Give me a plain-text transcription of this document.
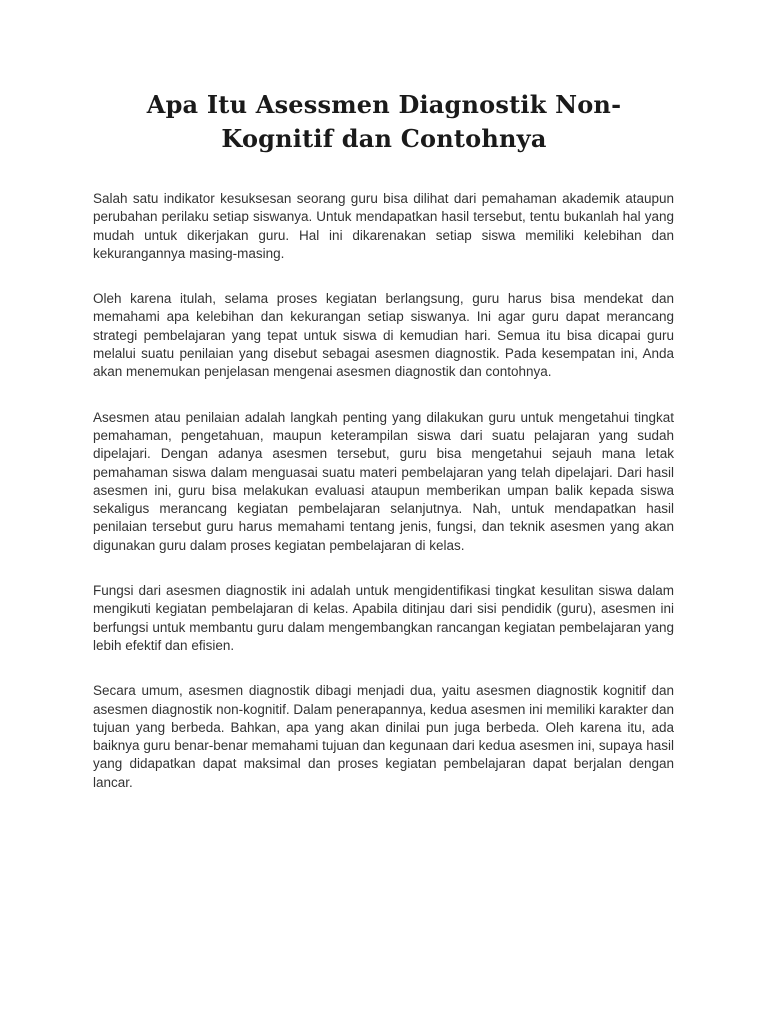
Apa Itu Asessmen Diagnostik Non-Kognitif dan Contohnya

Salah satu indikator kesuksesan seorang guru bisa dilihat dari pemahaman akademik ataupun perubahan perilaku setiap siswanya. Untuk mendapatkan hasil tersebut, tentu bukanlah hal yang mudah untuk dikerjakan guru. Hal ini dikarenakan setiap siswa memiliki kelebihan dan kekurangannya masing-masing.

Oleh karena itulah, selama proses kegiatan berlangsung, guru harus bisa mendekat dan memahami apa kelebihan dan kekurangan setiap siswanya. Ini agar guru dapat merancang strategi pembelajaran yang tepat untuk siswa di kemudian hari. Semua itu bisa dicapai guru melalui suatu penilaian yang disebut sebagai asesmen diagnostik. Pada kesempatan ini, Anda akan menemukan penjelasan mengenai asesmen diagnostik dan contohnya.

Asesmen atau penilaian adalah langkah penting yang dilakukan guru untuk mengetahui tingkat pemahaman, pengetahuan, maupun keterampilan siswa dari suatu pelajaran yang sudah dipelajari. Dengan adanya asesmen tersebut, guru bisa mengetahui sejauh mana letak pemahaman siswa dalam menguasai suatu materi pembelajaran yang telah dipelajari. Dari hasil asesmen ini, guru bisa melakukan evaluasi ataupun memberikan umpan balik kepada siswa sekaligus merancang kegiatan pembelajaran selanjutnya. Nah, untuk mendapatkan hasil penilaian tersebut guru harus memahami tentang jenis, fungsi, dan teknik asesmen yang akan digunakan guru dalam proses kegiatan pembelajaran di kelas.

Fungsi dari asesmen diagnostik ini adalah untuk mengidentifikasi tingkat kesulitan siswa dalam mengikuti kegiatan pembelajaran di kelas. Apabila ditinjau dari sisi pendidik (guru), asesmen ini berfungsi untuk membantu guru dalam mengembangkan rancangan kegiatan pembelajaran yang lebih efektif dan efisien.

Secara umum, asesmen diagnostik dibagi menjadi dua, yaitu asesmen diagnostik kognitif dan asesmen diagnostik non-kognitif. Dalam penerapannya, kedua asesmen ini memiliki karakter dan tujuan yang berbeda. Bahkan, apa yang akan dinilai pun juga berbeda. Oleh karena itu, ada baiknya guru benar-benar memahami tujuan dan kegunaan dari kedua asesmen ini, supaya hasil yang didapatkan dapat maksimal dan proses kegiatan pembelajaran dapat berjalan dengan lancar.
